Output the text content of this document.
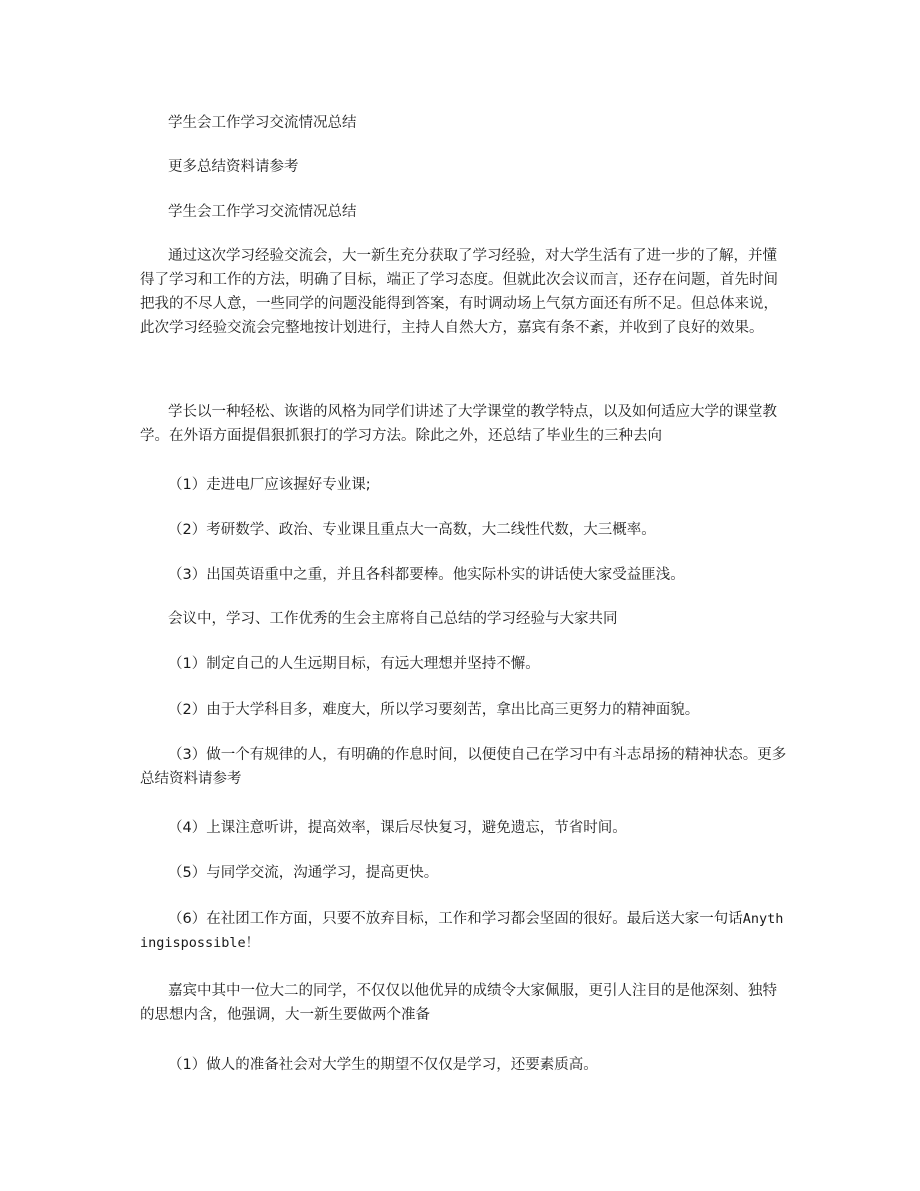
学生会工作学习交流情况总结
更多总结资料请参考
学生会工作学习交流情况总结
通过这次学习经验交流会，大一新生充分获取了学习经验，对大学生活有了进一步的了解，并懂得了学习和工作的方法，明确了目标，端正了学习态度。但就此次会议而言，还存在问题，首先时间把我的不尽人意，一些同学的问题没能得到答案，有时调动场上气氛方面还有所不足。但总体来说，此次学习经验交流会完整地按计划进行，主持人自然大方，嘉宾有条不紊，并收到了良好的效果。
学长以一种轻松、诙谐的风格为同学们讲述了大学课堂的教学特点，以及如何适应大学的课堂教学。在外语方面提倡狠抓狠打的学习方法。除此之外，还总结了毕业生的三种去向
（1）走进电厂应该握好专业课;
（2）考研数学、政治、专业课且重点大一高数，大二线性代数，大三概率。
（3）出国英语重中之重，并且各科都要棒。他实际朴实的讲话使大家受益匪浅。
会议中，学习、工作优秀的生会主席将自己总结的学习经验与大家共同
（1）制定自己的人生远期目标，有远大理想并坚持不懈。
（2）由于大学科目多，难度大，所以学习要刻苦，拿出比高三更努力的精神面貌。
（3）做一个有规律的人，有明确的作息时间，以便使自己在学习中有斗志昂扬的精神状态。更多总结资料请参考
（4）上课注意听讲，提高效率，课后尽快复习，避免遗忘，节省时间。
（5）与同学交流，沟通学习，提高更快。
（6）在社团工作方面，只要不放弃目标，工作和学习都会坚固的很好。最后送大家一句话Anythingispossible！
嘉宾中其中一位大二的同学，不仅仅以他优异的成绩令大家佩服，更引人注目的是他深刻、独特的思想内含，他强调，大一新生要做两个准备
（1）做人的准备社会对大学生的期望不仅仅是学习，还要素质高。
